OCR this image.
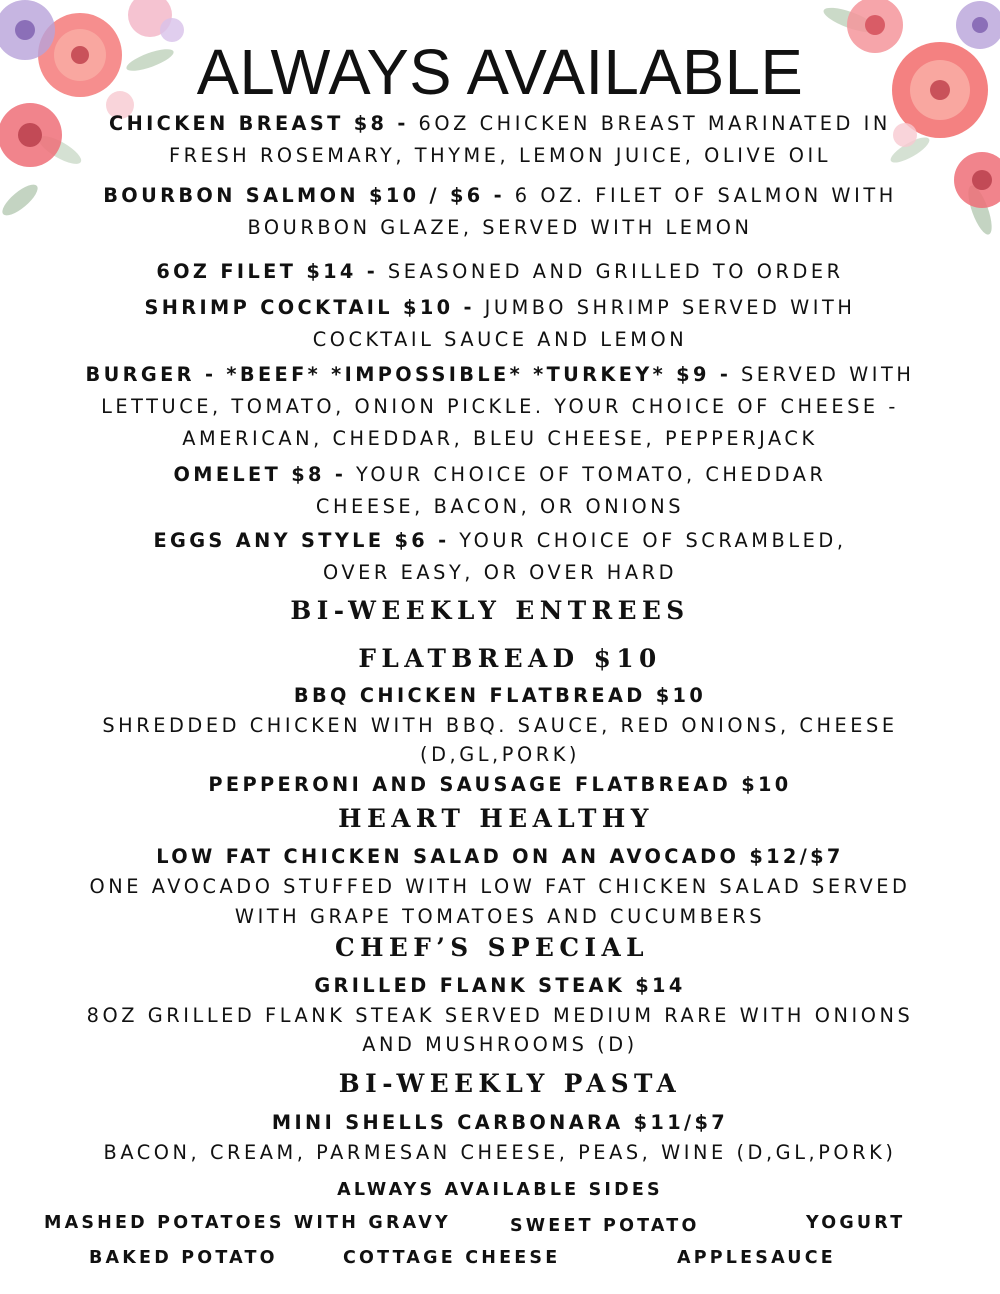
ALWAYS AVAILABLE
CHICKEN BREAST $8 - 6OZ CHICKEN BREAST MARINATED IN
FRESH ROSEMARY, THYME, LEMON JUICE, OLIVE OIL
BOURBON SALMON $10 / $6 - 6 OZ. FILET OF SALMON WITH
BOURBON GLAZE, SERVED WITH LEMON
6OZ FILET $14 - SEASONED AND GRILLED TO ORDER
SHRIMP COCKTAIL $10 - JUMBO SHRIMP SERVED WITH
COCKTAIL SAUCE AND LEMON
BURGER - *BEEF* *IMPOSSIBLE* *TURKEY* $9 - SERVED WITH
LETTUCE, TOMATO, ONION PICKLE. YOUR CHOICE OF CHEESE -
AMERICAN, CHEDDAR, BLEU CHEESE, PEPPERJACK
OMELET $8 - YOUR CHOICE OF TOMATO, CHEDDAR
CHEESE, BACON, OR ONIONS
EGGS ANY STYLE $6 - YOUR CHOICE OF SCRAMBLED,
OVER EASY, OR OVER HARD
BI-WEEKLY ENTREES
FLATBREAD $10
BBQ CHICKEN FLATBREAD $10
SHREDDED CHICKEN WITH BBQ. SAUCE, RED ONIONS, CHEESE
(D,GL,PORK)
PEPPERONI AND SAUSAGE FLATBREAD $10
HEART HEALTHY
LOW FAT CHICKEN SALAD ON AN AVOCADO $12/$7
ONE AVOCADO STUFFED WITH LOW FAT CHICKEN SALAD SERVED
WITH GRAPE TOMATOES AND CUCUMBERS
CHEF’S SPECIAL
GRILLED FLANK STEAK $14
8OZ GRILLED FLANK STEAK SERVED MEDIUM RARE WITH ONIONS
AND MUSHROOMS (D)
BI-WEEKLY PASTA
MINI SHELLS CARBONARA $11/$7
BACON, CREAM, PARMESAN CHEESE, PEAS, WINE (D,GL,PORK)
ALWAYS AVAILABLE SIDES
MASHED POTATOES WITH GRAVY	SWEET POTATO	YOGURT
BAKED POTATO	COTTAGE CHEESE	APPLESAUCE
